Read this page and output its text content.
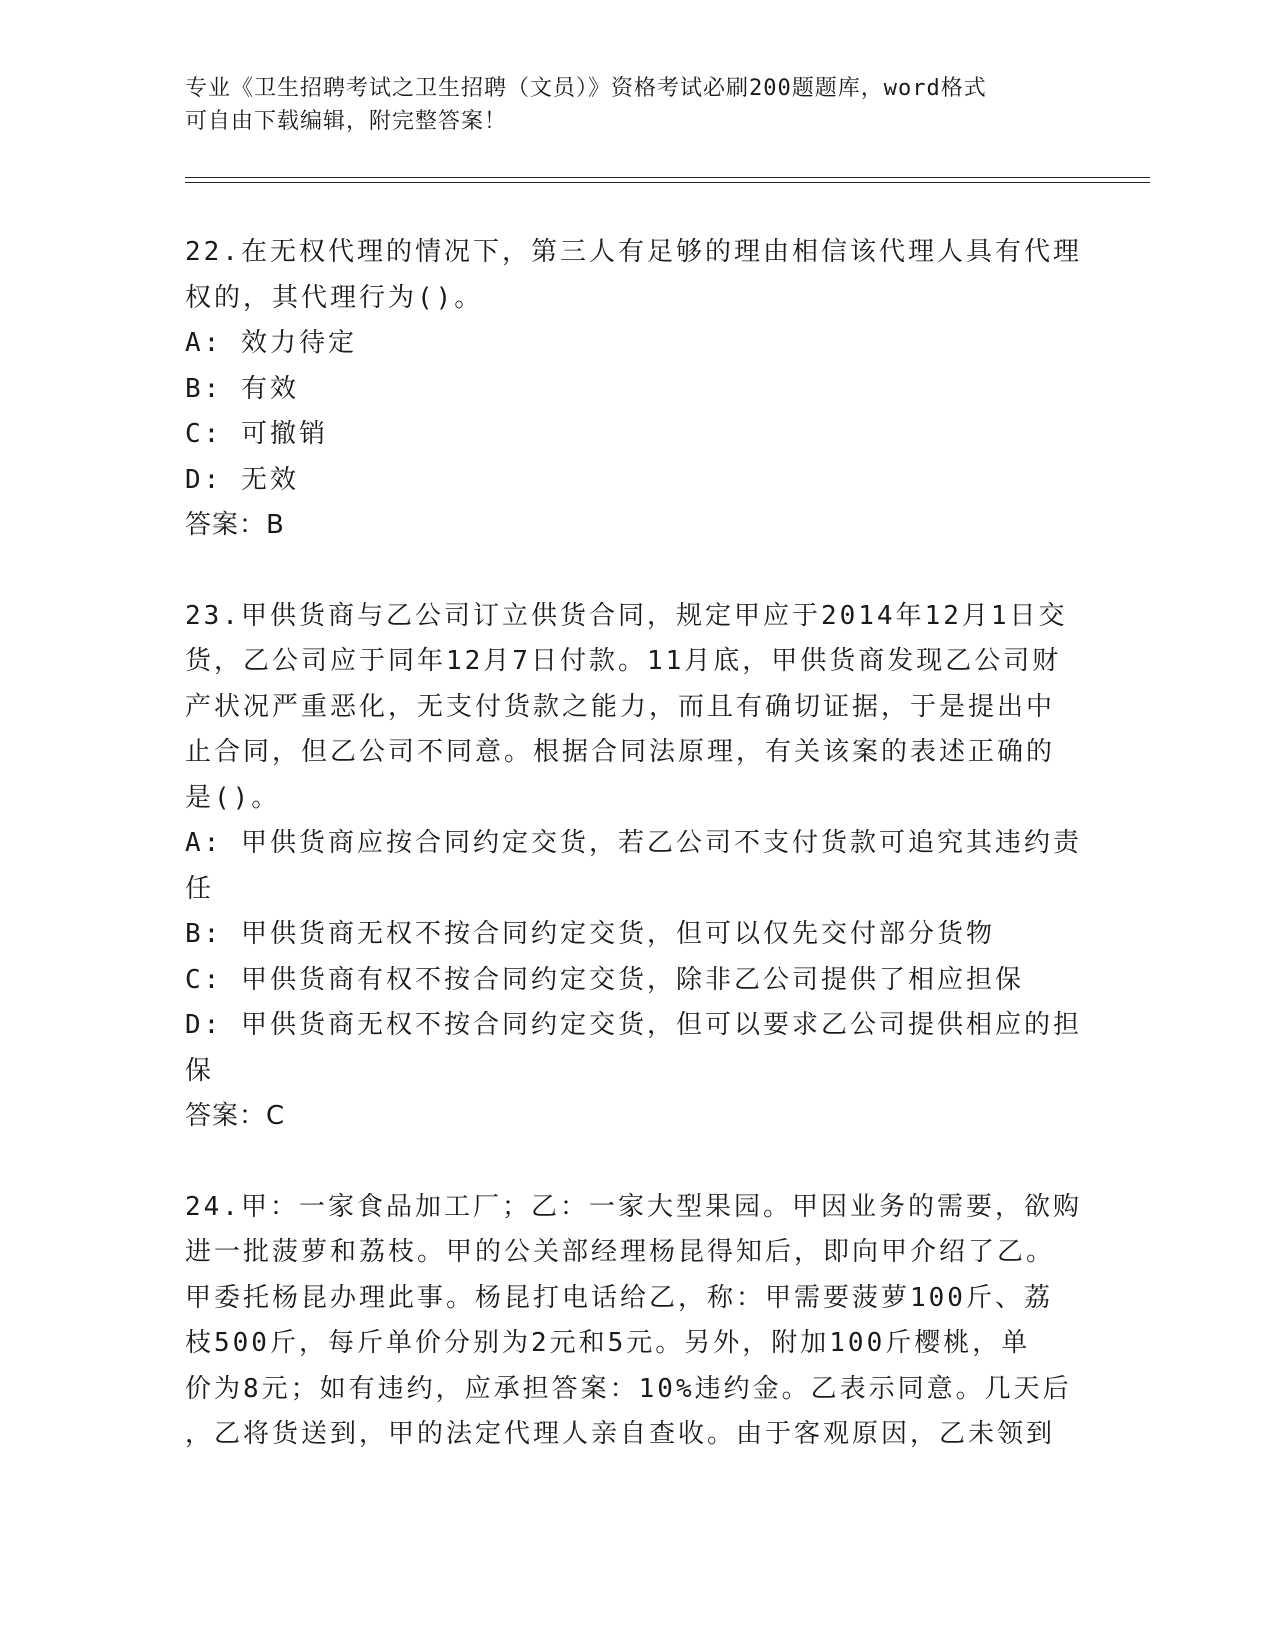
专业《卫生招聘考试之卫生招聘（文员）》资格考试必刷200题题库，word格式
可自由下载编辑，附完整答案！
22.在无权代理的情况下，第三人有足够的理由相信该代理人具有代理
权的，其代理行为()。
A: 效力待定
B: 有效
C: 可撤销
D: 无效
答案：B
23.甲供货商与乙公司订立供货合同，规定甲应于2014年12月1日交
货，乙公司应于同年12月7日付款。11月底，甲供货商发现乙公司财
产状况严重恶化，无支付货款之能力，而且有确切证据，于是提出中
止合同，但乙公司不同意。根据合同法原理，有关该案的表述正确的
是()。
A: 甲供货商应按合同约定交货，若乙公司不支付货款可追究其违约责
任
B: 甲供货商无权不按合同约定交货，但可以仅先交付部分货物
C: 甲供货商有权不按合同约定交货，除非乙公司提供了相应担保
D: 甲供货商无权不按合同约定交货，但可以要求乙公司提供相应的担
保
答案：C
24.甲：一家食品加工厂；乙：一家大型果园。甲因业务的需要，欲购
进一批菠萝和荔枝。甲的公关部经理杨昆得知后，即向甲介绍了乙。
甲委托杨昆办理此事。杨昆打电话给乙，称：甲需要菠萝100斤、荔
枝500斤，每斤单价分别为2元和5元。另外，附加100斤樱桃，单
价为8元；如有违约，应承担答案：10%违约金。乙表示同意。几天后
，乙将货送到，甲的法定代理人亲自查收。由于客观原因，乙未领到
